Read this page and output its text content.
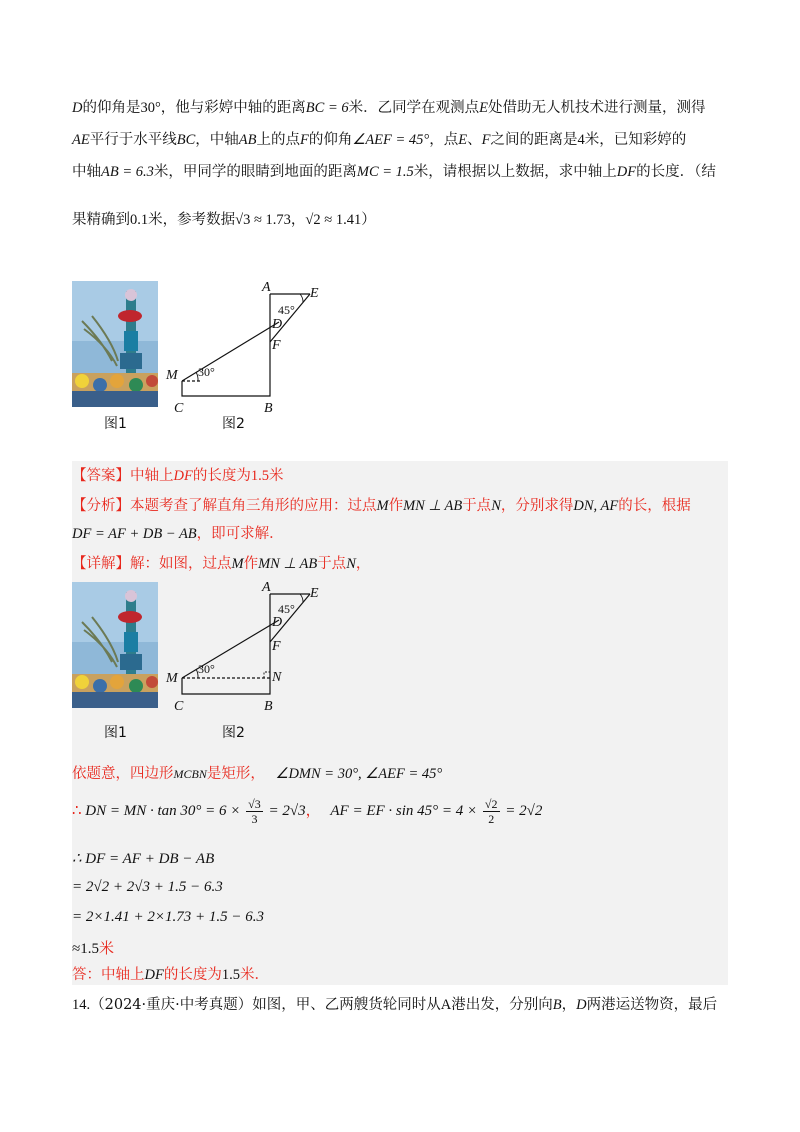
D的仰角是30°，他与彩婷中轴的距离BC = 6米．乙同学在观测点E处借助无人机技术进行测量，测得
AE平行于水平线BC，中轴AB上的点F的仰角∠AEF = 45°，点E、F之间的距离是4米，已知彩婷的
中轴AB = 6.3米，甲同学的眼睛到地面的距离MC = 1.5米，请根据以上数据，求中轴上DF的长度．（结
果精确到0.1米，参考数据√3 ≈ 1.73，√2 ≈ 1.41）
图1
A	E
D
F
M
C	B
45°
30°
图2
【答案】中轴上DF的长度为1.5米
【分析】本题考查了解直角三角形的应用：过点M作MN ⊥ AB于点N，分别求得DN, AF的长，根据
DF = AF + DB − AB，即可求解．
【详解】解：如图，过点M作MN ⊥ AB于点N，
图1
A	E
D
F
M	N
C	B
45°
30°
图2
依题意，四边形MCBN是矩形， ∠DMN = 30°, ∠AEF = 45°
∴ DN = MN · $\tan 30^\circ = 6 \times \frac{√3}{3} = 2√3$， AF = EF · $\sin 45^\circ = 4 \times \frac{√2}{2} = 2√2$
∴ DF = AF + DB − AB
= 2√2 + 2√3 + 1.5 − 6.3
= 2×1.41 + 2×1.73 + 1.5 − 6.3
≈1.5米
答：中轴上DF的长度为1.5米．
14.（2024·重庆·中考真题）如图，甲、乙两艘货轮同时从A港出发，分别向B，D两港运送物资，最后
